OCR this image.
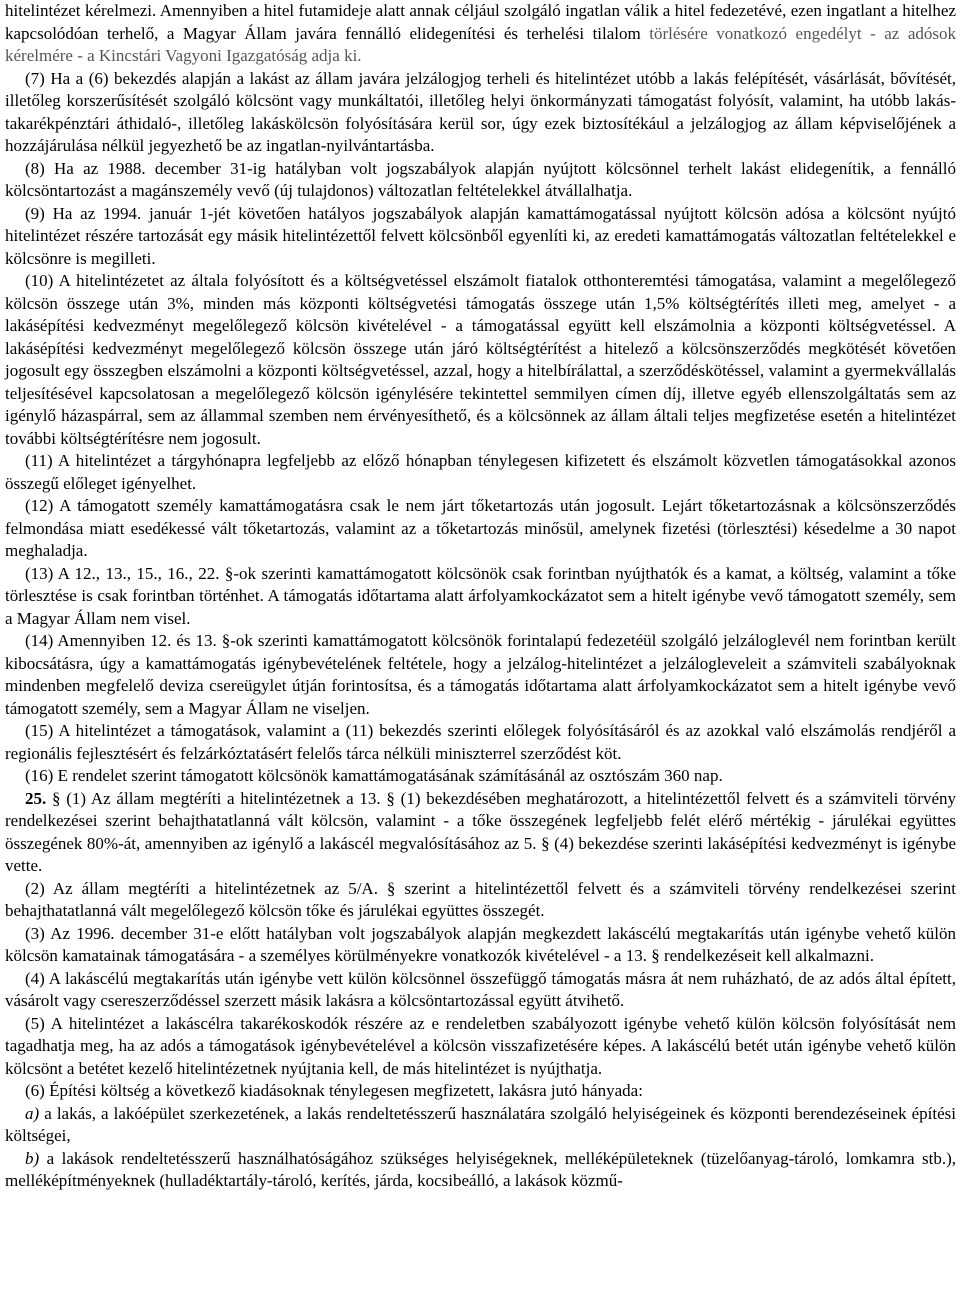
hitelintézet kérelmezi. Amennyiben a hitel futamideje alatt annak céljául szolgáló ingatlan válik a hitel fedezetévé, ezen ingatlant a hitelhez kapcsolódóan terhelő, a Magyar Állam javára fennálló elidegenítési és terhelési tilalom törlésére vonatkozó engedélyt - az adósok kérelmére - a Kincstári Vagyoni Igazgatóság adja ki.

(7) Ha a (6) bekezdés alapján a lakást az állam javára jelzálogjog terheli és hitelintézet utóbb a lakás felépítését, vásárlását, bővítését, illetőleg korszerűsítését szolgáló kölcsönt vagy munkáltatói, illetőleg helyi önkormányzati támogatást folyósít, valamint, ha utóbb lakás-takarékpénztári áthidaló-, illetőleg lakáskölcsön folyósítására kerül sor, úgy ezek biztosítékául a jelzálogjog az állam képviselőjének a hozzájárulása nélkül jegyezhető be az ingatlan-nyilvántartásba.

(8) Ha az 1988. december 31-ig hatályban volt jogszabályok alapján nyújtott kölcsönnel terhelt lakást elidegenítik, a fennálló kölcsöntartozást a magánszemély vevő (új tulajdonos) változatlan feltételekkel átvállalhatja.

(9) Ha az 1994. január 1-jét követően hatályos jogszabályok alapján kamattámogatással nyújtott kölcsön adósa a kölcsönt nyújtó hitelintézet részére tartozását egy másik hitelintézettől felvett kölcsönből egyenlíti ki, az eredeti kamattámogatás változatlan feltételekkel e kölcsönre is megilleti.

(10) A hitelintézetet az általa folyósított és a költségvetéssel elszámolt fiatalok otthonteremtési támogatása, valamint a megelőlegező kölcsön összege után 3%, minden más központi költségvetési támogatás összege után 1,5% költségtérítés illeti meg, amelyet - a lakásépítési kedvezményt megelőlegező kölcsön kivételével - a támogatással együtt kell elszámolnia a központi költségvetéssel. A lakásépítési kedvezményt megelőlegező kölcsön összege után járó költségtérítést a hitelező a kölcsönszerződés megkötését követően jogosult egy összegben elszámolni a központi költségvetéssel, azzal, hogy a hitelbírálattal, a szerződéskötéssel, valamint a gyermekvállalás teljesítésével kapcsolatosan a megelőlegező kölcsön igénylésére tekintettel semmilyen címen díj, illetve egyéb ellenszolgáltatás sem az igénylő házaspárral, sem az állammal szemben nem érvényesíthető, és a kölcsönnek az állam általi teljes megfizetése esetén a hitelintézet további költségtérítésre nem jogosult.

(11) A hitelintézet a tárgyhónapra legfeljebb az előző hónapban ténylegesen kifizetett és elszámolt közvetlen támogatásokkal azonos összegű előleget igényelhet.

(12) A támogatott személy kamattámogatásra csak le nem járt tőketartozás után jogosult. Lejárt tőketartozásnak a kölcsönszerződés felmondása miatt esedékessé vált tőketartozás, valamint az a tőketartozás minősül, amelynek fizetési (törlesztési) késedelme a 30 napot meghaladja.

(13) A 12., 13., 15., 16., 22. §-ok szerinti kamattámogatott kölcsönök csak forintban nyújthatók és a kamat, a költség, valamint a tőke törlesztése is csak forintban történhet. A támogatás időtartama alatt árfolyamkockázatot sem a hitelt igénybe vevő támogatott személy, sem a Magyar Állam nem visel.

(14) Amennyiben 12. és 13. §-ok szerinti kamattámogatott kölcsönök forintalapú fedezetéül szolgáló jelzáloglevél nem forintban került kibocsátásra, úgy a kamattámogatás igénybevételének feltétele, hogy a jelzálog-hitelintézet a jelzálogleveleit a számviteli szabályoknak mindenben megfelelő deviza csereügylet útján forintosítsa, és a támogatás időtartama alatt árfolyamkockázatot sem a hitelt igénybe vevő támogatott személy, sem a Magyar Állam ne viseljen.

(15) A hitelintézet a támogatások, valamint a (11) bekezdés szerinti előlegek folyósításáról és az azokkal való elszámolás rendjéről a regionális fejlesztésért és felzárkóztatásért felelős tárca nélküli miniszterrel szerződést köt.

(16) E rendelet szerint támogatott kölcsönök kamattámogatásának számításánál az osztószám 360 nap.

25. § (1) Az állam megtéríti a hitelintézetnek a 13. § (1) bekezdésében meghatározott, a hitelintézettől felvett és a számviteli törvény rendelkezései szerint behajthatatlanná vált kölcsön, valamint - a tőke összegének legfeljebb felét elérő mértékig - járulékai együttes összegének 80%-át, amennyiben az igénylő a lakáscél megvalósításához az 5. § (4) bekezdése szerinti lakásépítési kedvezményt is igénybe vette.

(2) Az állam megtéríti a hitelintézetnek az 5/A. § szerint a hitelintézettől felvett és a számviteli törvény rendelkezései szerint behajthatatlanná vált megelőlegező kölcsön tőke és járulékai együttes összegét.

(3) Az 1996. december 31-e előtt hatályban volt jogszabályok alapján megkezdett lakáscélú megtakarítás után igénybe vehető külön kölcsön kamatainak támogatására - a személyes körülményekre vonatkozók kivételével - a 13. § rendelkezéseit kell alkalmazni.

(4) A lakáscélú megtakarítás után igénybe vett külön kölcsönnel összefüggő támogatás másra át nem ruházható, de az adós által épített, vásárolt vagy csereszerződéssel szerzett másik lakásra a kölcsöntartozással együtt átvihető.

(5) A hitelintézet a lakáscélra takarékoskodók részére az e rendeletben szabályozott igénybe vehető külön kölcsön folyósítását nem tagadhatja meg, ha az adós a támogatások igénybevételével a kölcsön visszafizetésére képes. A lakáscélú betét után igénybe vehető külön kölcsönt a betétet kezelő hitelintézetnek nyújtania kell, de más hitelintézet is nyújthatja.

(6) Építési költség a következő kiadásoknak ténylegesen megfizetett, lakásra jutó hányada:

a) a lakás, a lakóépület szerkezetének, a lakás rendeltetésszerű használatára szolgáló helyiségeinek és központi berendezéseinek építési költségei,

b) a lakások rendeltetésszerű használhatóságához szükséges helyiségeknek, melléképületeknek (tüzelőanyag-tároló, lomkamra stb.), melléképítményeknek (hulladéktartály-tároló, kerítés, járda, kocsibeálló, a lakások közmű-
